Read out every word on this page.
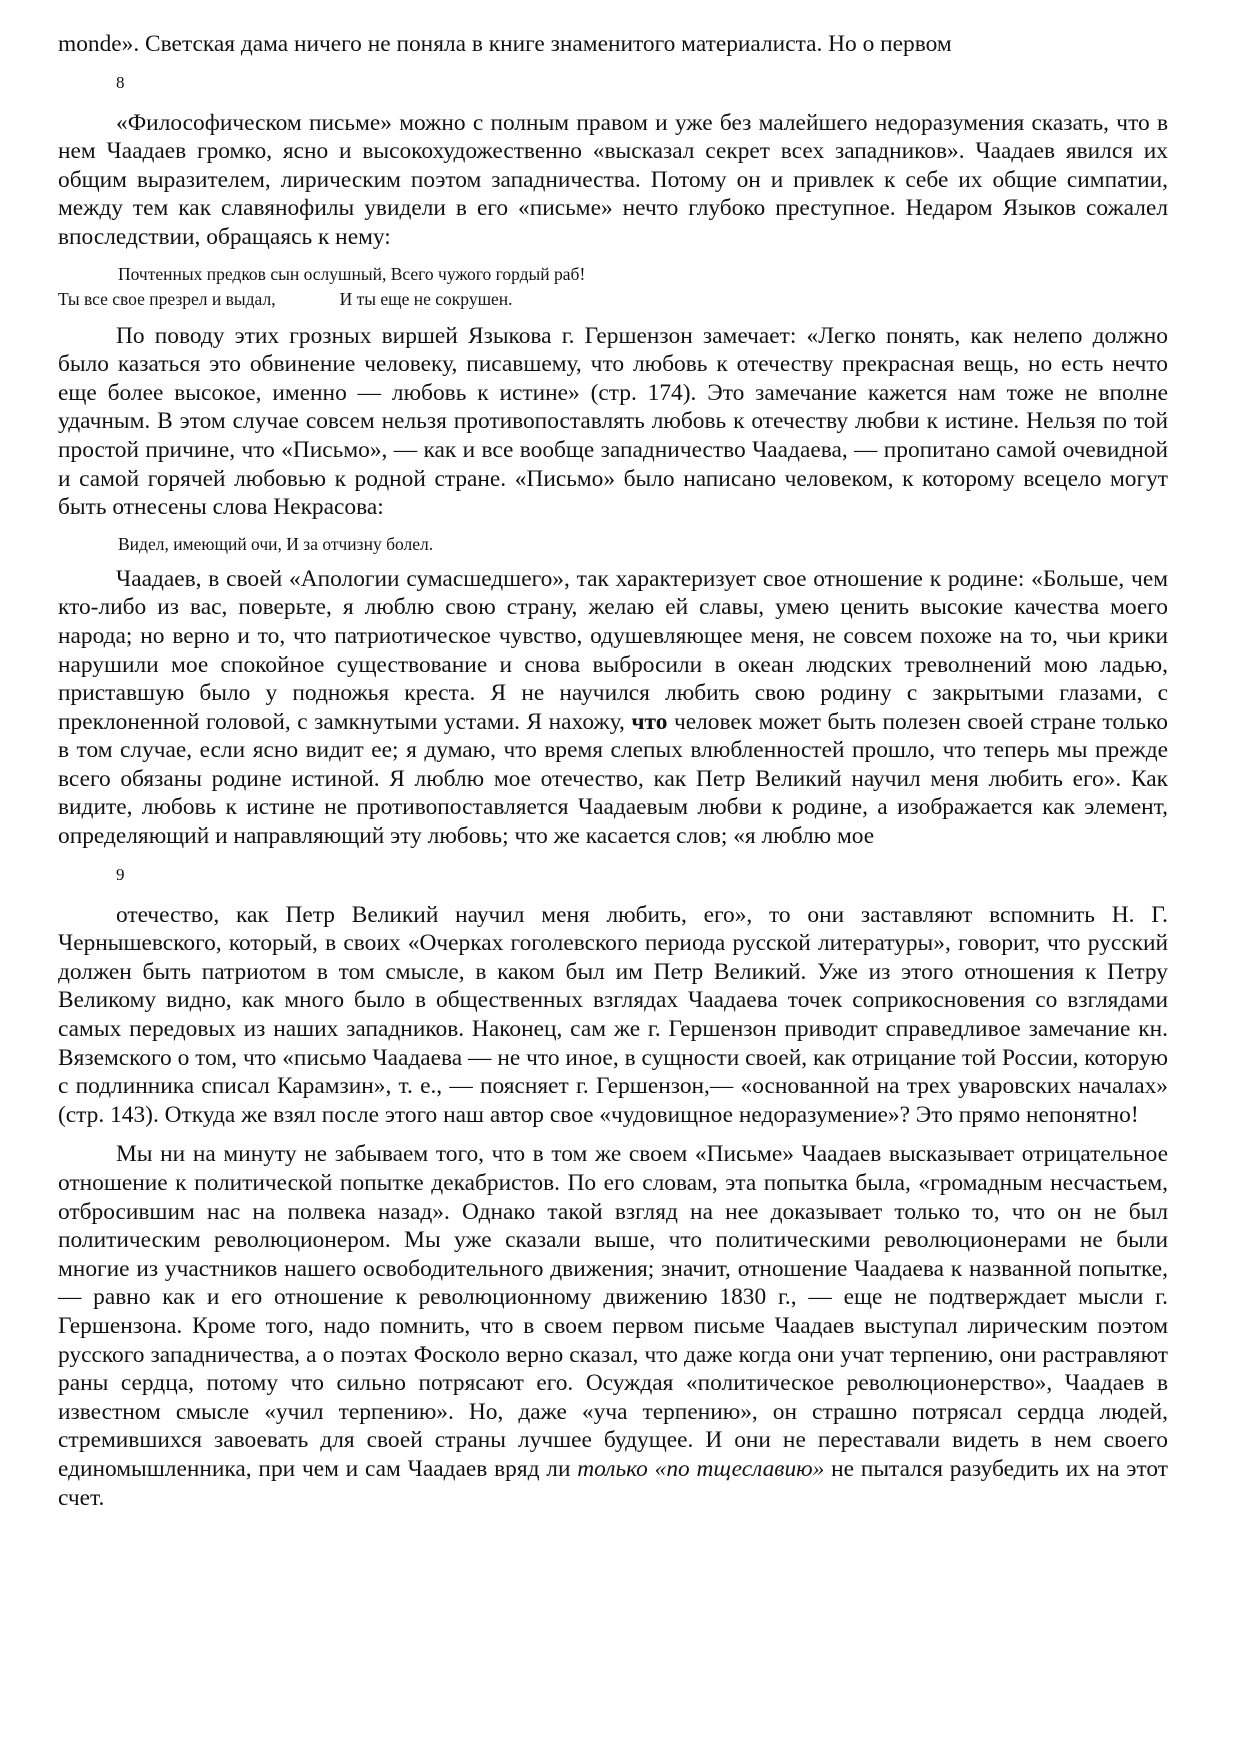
monde». Светская дама ничего не поняла в книге знаменитого материалиста. Но о первом

8

«Философическом письме» можно с полным правом и уже без малейшего недоразумения сказать, что в нем Чаадаев громко, ясно и высокохудожественно «высказал секрет всех западников». Чаадаев явился их общим выразителем, лирическим поэтом западничества. Потому он и привлек к себе их общие симпатии, между тем как славянофилы увидели в его «письме» нечто глубоко преступное. Недаром Языков сожалел впоследствии, обращаясь к нему:

Почтенных предков сын ослушный, Всего чужого гордый раб!
Ты все свое презрел и выдал,	И ты еще не сокрушен.

По поводу этих грозных виршей Языкова г. Гершензон замечает: «Легко понять, как нелепо должно было казаться это обвинение человеку, писавшему, что любовь к отечеству прекрасная вещь, но есть нечто еще более высокое, именно — любовь к истине» (стр. 174). Это замечание кажется нам тоже не вполне удачным. В этом случае совсем нельзя противопоставлять любовь к отечеству любви к истине. Нельзя по той простой причине, что «Письмо», — как и все вообще западничество Чаадаева, — пропитано самой очевидной и самой горячей любовью к родной стране. «Письмо» было написано человеком, к которому всецело могут быть отнесены слова Некрасова:

Видел, имеющий очи, И за отчизну болел.

Чаадаев, в своей «Апологии сумасшедшего», так характеризует свое отношение к родине: «Больше, чем кто-либо из вас, поверьте, я люблю свою страну, желаю ей славы, умею ценить высокие качества моего народа; но верно и то, что патриотическое чувство, одушевляющее меня, не совсем похоже на то, чьи крики нарушили мое спокойное существование и снова выбросили в океан людских треволнений мою ладью, приставшую было у подножья креста. Я не научился любить свою родину с закрытыми глазами, с преклоненной головой, с замкнутыми устами. Я нахожу, что человек может быть полезен своей стране только в том случае, если ясно видит ее; я думаю, что время слепых влюбленностей прошло, что теперь мы прежде всего обязаны родине истиной. Я люблю мое отечество, как Петр Великий научил меня любить его». Как видите, любовь к истине не противопоставляется Чаадаевым любви к родине, а изображается как элемент, определяющий и направляющий эту любовь; что же касается слов; «я люблю мое

9

отечество, как Петр Великий научил меня любить, его», то они заставляют вспомнить Н. Г. Чернышевского, который, в своих «Очерках гоголевского периода русской литературы», говорит, что русский должен быть патриотом в том смысле, в каком был им Петр Великий. Уже из этого отношения к Петру Великому видно, как много было в общественных взглядах Чаадаева точек соприкосновения со взглядами самых передовых из наших западников. Наконец, сам же г. Гершензон приводит справедливое замечание кн. Вяземского о том, что «письмо Чаадаева — не что иное, в сущности своей, как отрицание той России, которую с подлинника списал Карамзин», т. е., — поясняет г. Гершензон,— «основанной на трех уваровских началах» (стр. 143). Откуда же взял после этого наш автор свое «чудовищное недоразумение»? Это прямо непонятно!

Мы ни на минуту не забываем того, что в том же своем «Письме» Чаадаев высказывает отрицательное отношение к политической попытке декабристов. По его словам, эта попытка была, «громадным несчастьем, отбросившим нас на полвека назад». Однако такой взгляд на нее доказывает только то, что он не был политическим революционером. Мы уже сказали выше, что политическими революционерами не были многие из участников нашего освободительного движения; значит, отношение Чаадаева к названной попытке, — равно как и его отношение к революционному движению 1830 г., — еще не подтверждает мысли г. Гершензона. Кроме того, надо помнить, что в своем первом письме Чаадаев выступал лирическим поэтом русского западничества, а о поэтах Фосколо верно сказал, что даже когда они учат терпению, они растравляют раны сердца, потому что сильно потрясают его. Осуждая «политическое революционерство», Чаадаев в известном смысле «учил терпению». Но, даже «уча терпению», он страшно потрясал сердца людей, стремившихся завоевать для своей страны лучшее будущее. И они не переставали видеть в нем своего единомышленника, при чем и сам Чаадаев вряд ли только «по тщеславию» не пытался разубедить их на этот счет.
